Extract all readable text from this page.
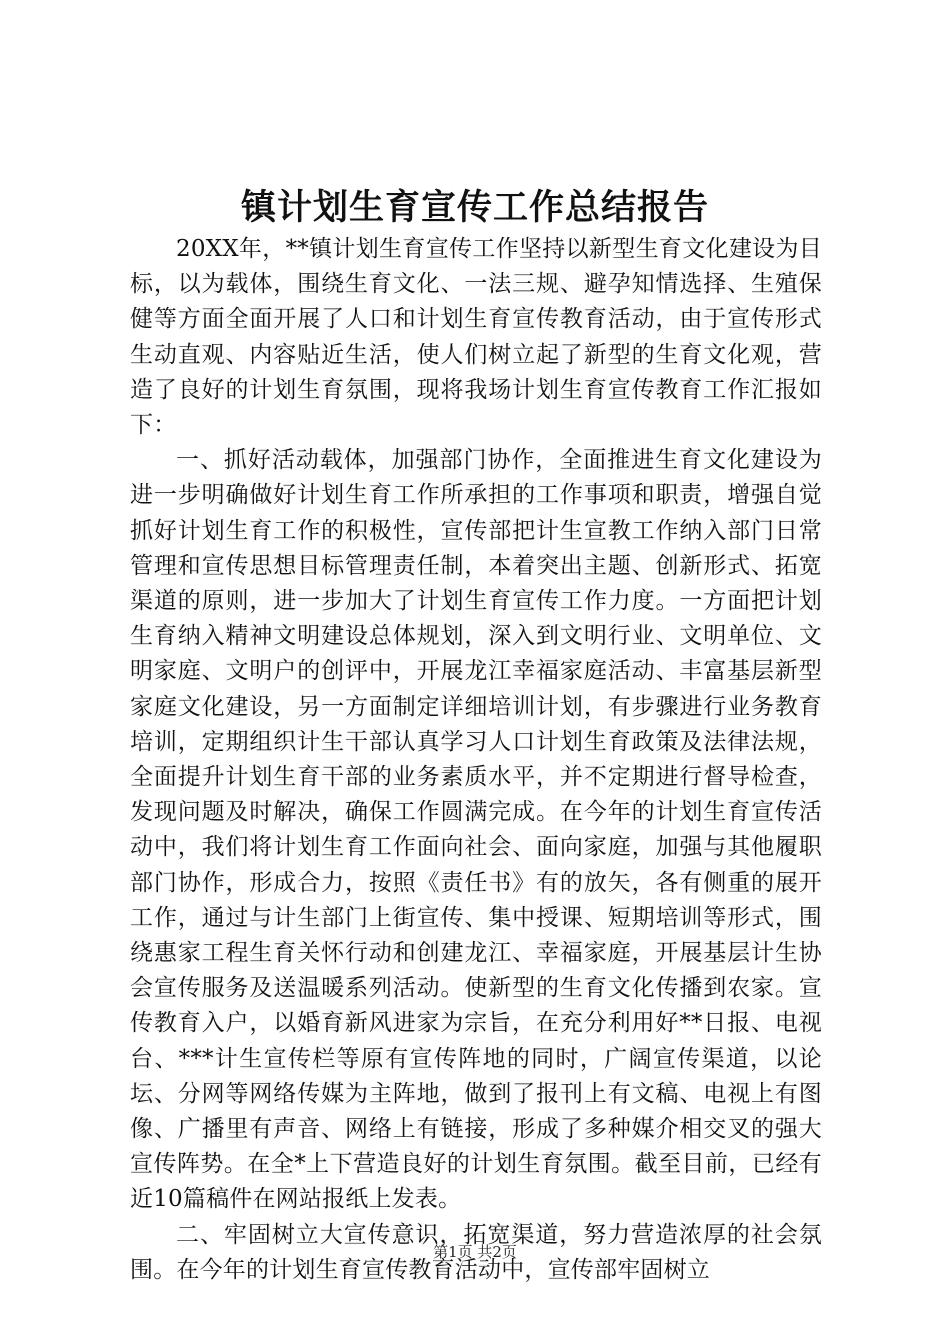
镇计划生育宣传工作总结报告

20XX年，**镇计划生育宣传工作坚持以新型生育文化建设为目标，以为载体，围绕生育文化、一法三规、避孕知情选择、生殖保健等方面全面开展了人口和计划生育宣传教育活动，由于宣传形式生动直观、内容贴近生活，使人们树立起了新型的生育文化观，营造了良好的计划生育氛围，现将我场计划生育宣传教育工作汇报如下：

一、抓好活动载体，加强部门协作，全面推进生育文化建设为进一步明确做好计划生育工作所承担的工作事项和职责，增强自觉抓好计划生育工作的积极性，宣传部把计生宣教工作纳入部门日常管理和宣传思想目标管理责任制，本着突出主题、创新形式、拓宽渠道的原则，进一步加大了计划生育宣传工作力度。一方面把计划生育纳入精神文明建设总体规划，深入到文明行业、文明单位、文明家庭、文明户的创评中，开展龙江幸福家庭活动、丰富基层新型家庭文化建设，另一方面制定详细培训计划，有步骤进行业务教育培训，定期组织计生干部认真学习人口计划生育政策及法律法规，全面提升计划生育干部的业务素质水平，并不定期进行督导检查，发现问题及时解决，确保工作圆满完成。在今年的计划生育宣传活动中，我们将计划生育工作面向社会、面向家庭，加强与其他履职部门协作，形成合力，按照《责任书》有的放矢，各有侧重的展开工作，通过与计生部门上街宣传、集中授课、短期培训等形式，围绕惠家工程生育关怀行动和创建龙江、幸福家庭，开展基层计生协会宣传服务及送温暖系列活动。使新型的生育文化传播到农家。宣传教育入户，以婚育新风进家为宗旨，在充分利用好**日报、电视台、***计生宣传栏等原有宣传阵地的同时，广阔宣传渠道，以论坛、分网等网络传媒为主阵地，做到了报刊上有文稿、电视上有图像、广播里有声音、网络上有链接，形成了多种媒介相交叉的强大宣传阵势。在全*上下营造良好的计划生育氛围。截至目前，已经有近10篇稿件在网站报纸上发表。

二、牢固树立大宣传意识，拓宽渠道，努力营造浓厚的社会氛围。在今年的计划生育宣传教育活动中，宣传部牢固树立

第1页 共2页
